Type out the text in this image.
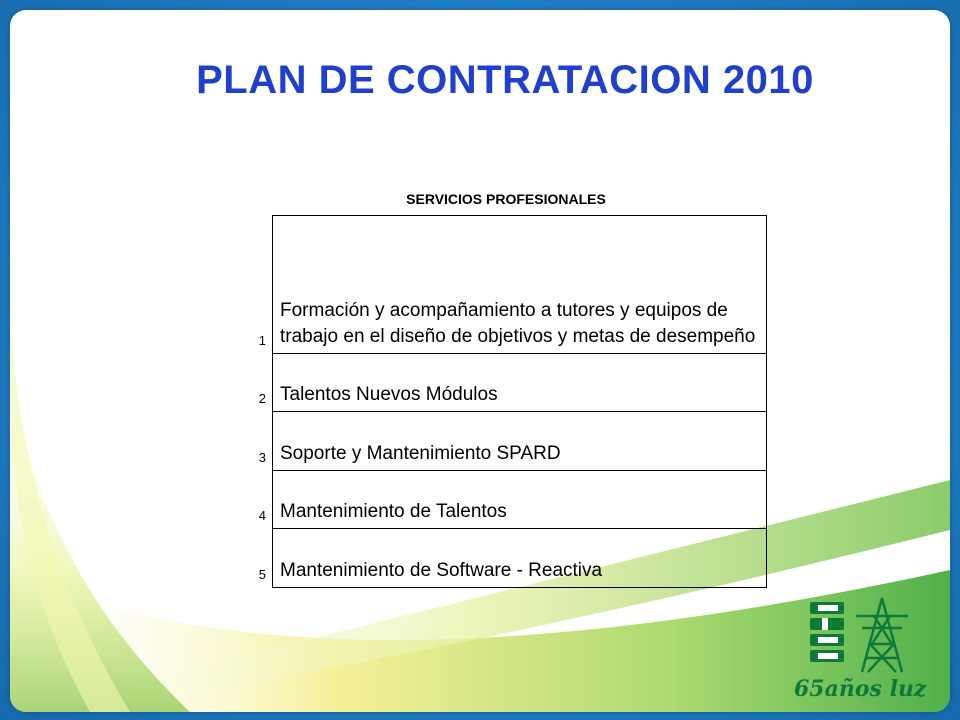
PLAN DE CONTRATACION 2010
SERVICIOS PROFESIONALES
1	Formación y acompañamiento a tutores y equipos de trabajo en el diseño de objetivos y metas de desempeño
2	Talentos Nuevos Módulos
3	Soporte y Mantenimiento SPARD
4	Mantenimiento de Talentos
5	Mantenimiento de Software - Reactiva
65años luz
